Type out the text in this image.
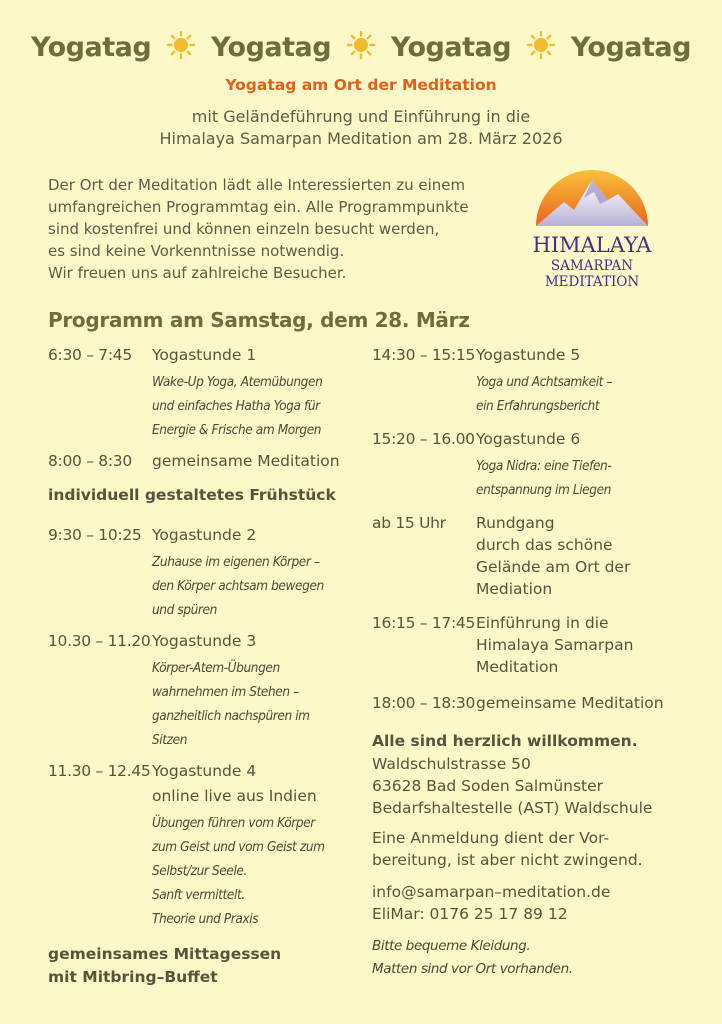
Yogatag Yogatag Yogatag Yogatag
Yogatag am Ort der Meditation
mit Geländeführung und Einführung in die
Himalaya Samarpan Meditation am 28. März 2026
Der Ort der Meditation lädt alle Interessierten zu einem
umfangreichen Programmtag ein. Alle Programmpunkte
sind kostenfrei und können einzeln besucht werden,
es sind keine Vorkenntnisse notwendig.
Wir freuen uns auf zahlreiche Besucher.
HIMALAYA
SAMARPAN
MEDITATION
Programm am Samstag, dem 28. März
6:30 – 7:45	Yogastunde 1
Wake-Up Yoga, Atemübungen
und einfaches Hatha Yoga für
Energie & Frische am Morgen
8:00 – 8:30	gemeinsame Meditation
individuell gestaltetes Frühstück
9:30 – 10:25 Yogastunde 2
Zuhause im eigenen Körper –
den Körper achtsam bewegen
und spüren
10.30 – 11.20 Yogastunde 3
Körper-Atem-Übungen
wahrnehmen im Stehen –
ganzheitlich nachspüren im
Sitzen
11.30 – 12.45 Yogastunde 4
online live aus Indien
Übungen führen vom Körper
zum Geist und vom Geist zum
Selbst/zur Seele.
Sanft vermittelt.
Theorie und Praxis
gemeinsames Mittagessen
mit Mitbring–Buffet
14:30 – 15:15 Yogastunde 5
Yoga und Achtsamkeit –
ein Erfahrungsbericht
15:20 – 16.00 Yogastunde 6
Yoga Nidra: eine Tiefen-
entspannung im Liegen
ab 15 Uhr	Rundgang
durch das schöne
Gelände am Ort der
Mediation
16:15 – 17:45 Einführung in die
Himalaya Samarpan
Meditation
18:00 – 18:30 gemeinsame Meditation
Alle sind herzlich willkommen.
Waldschulstrasse 50
63628 Bad Soden Salmünster
Bedarfshaltestelle (AST) Waldschule
Eine Anmeldung dient der Vor-
bereitung, ist aber nicht zwingend.
info@samarpan–meditation.de
EliMar: 0176 25 17 89 12
Bitte bequeme Kleidung.
Matten sind vor Ort vorhanden.
